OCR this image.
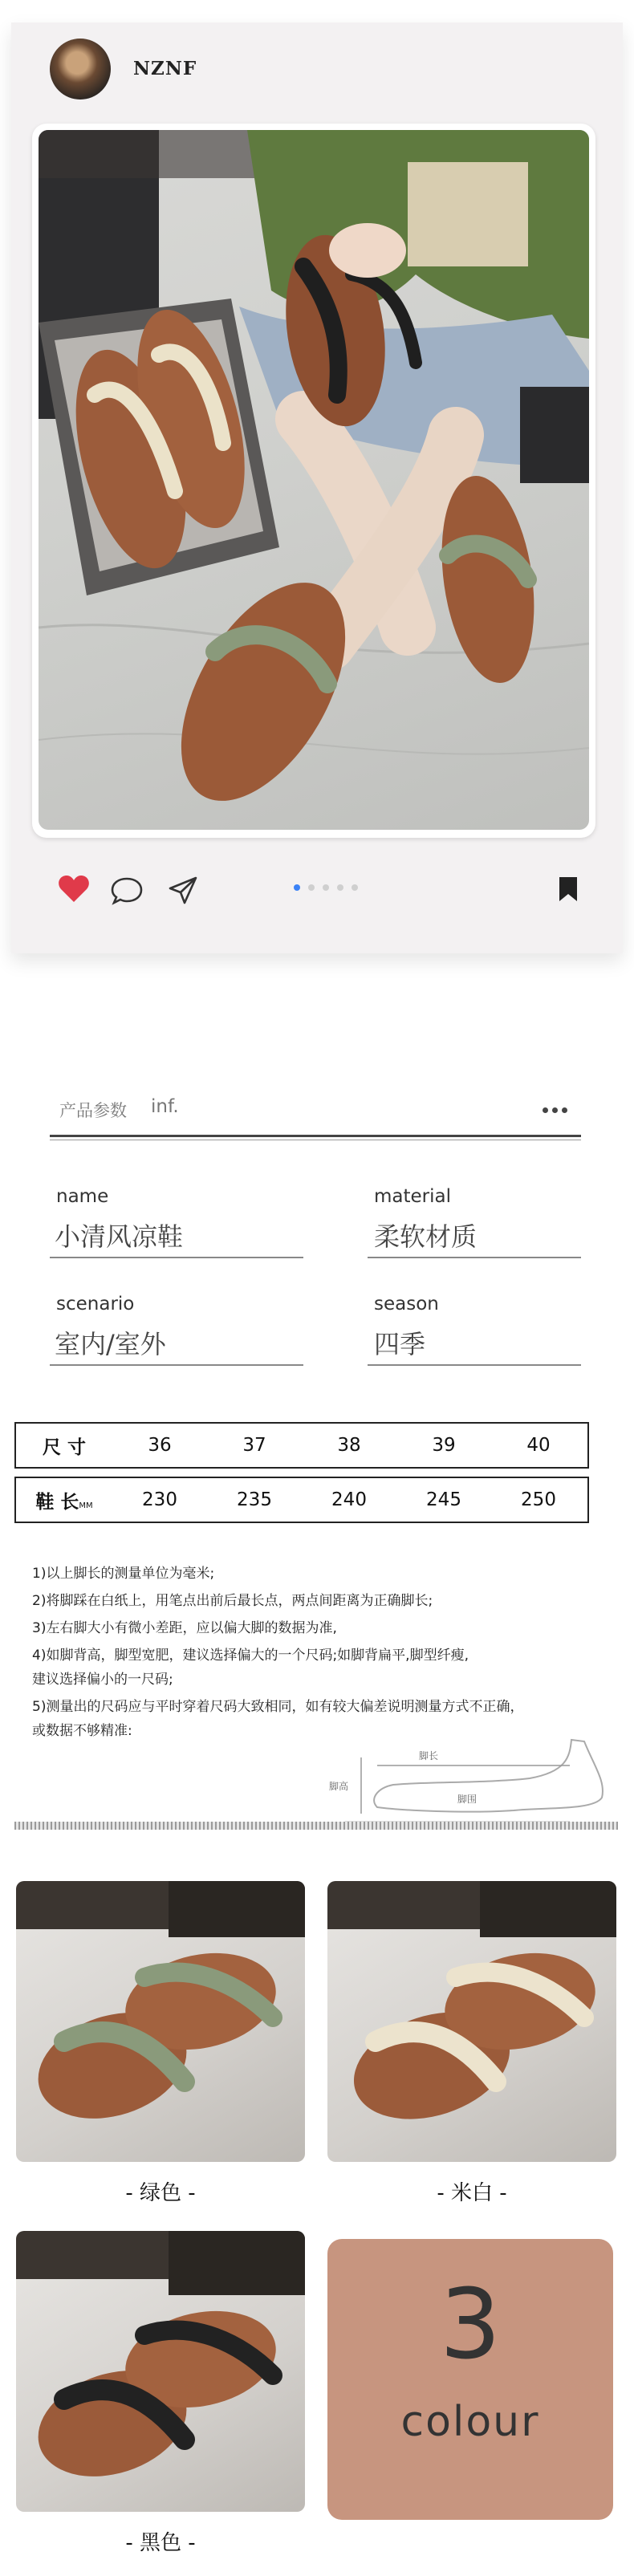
NZNF
产品参数 inf.
name
小清风凉鞋
material
柔软材质
scenario
室内/室外
season
四季
尺 寸	36	37	38	39	40
鞋 长MM	230	235	240	245	250
1)以上脚长的测量单位为毫米;
2)将脚踩在白纸上，用笔点出前后最长点，两点间距离为正确脚长;
3)左右脚大小有微小差距，应以偏大脚的数据为准,
4)如脚背高，脚型宽肥，建议选择偏大的一个尺码;如脚背扁平,脚型纤瘦,
建议选择偏小的一尺码;
5)测量出的尺码应与平时穿着尺码大致相同，如有较大偏差说明测量方式不正确，
或数据不够精准:
脚高
脚长
脚围
- 绿色 -	- 米白 -
- 黑色 -
3
colour
